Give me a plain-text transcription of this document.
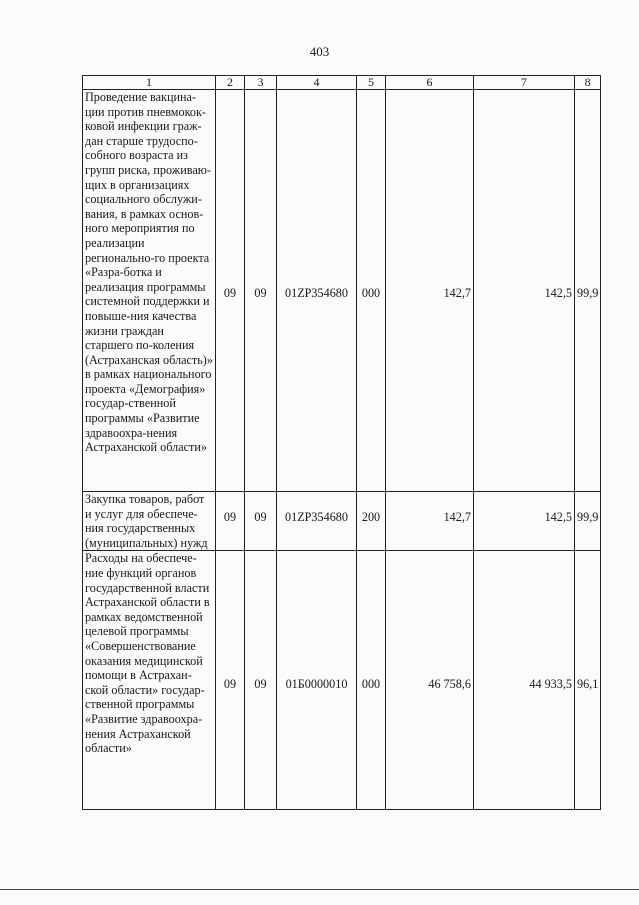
403
1	2	3	4	5	6	7	8
Проведение вакцина-ции против пневмокок-ковой инфекции граж-дан старше трудоспо-собного возраста из групп риска, проживаю-щих в организациях социального обслужи-вания, в рамках основ-ного мероприятия по реализации регионально-го проекта «Разра-ботка и реализация программы системной поддержки и повыше-ния качества жизни граждан старшего по-коления (Астраханская область)» в рамках национального проекта «Демография» государ-ственной программы «Развитие здравоохра-нения Астраханской области»	09	09	01ZP354680	000	142,7	142,5	99,9
Закупка товаров, работ и услуг для обеспече-ния государственных (муниципальных) нужд	09	09	01ZP354680	200	142,7	142,5	99,9
Расходы на обеспече-ние функций органов государственной власти Астраханской области в рамках ведомственной целевой программы «Совершенствование оказания медицинской помощи в Астрахан-ской области» государ-ственной программы «Развитие здравоохра-нения Астраханской области»	09	09	01Б0000010	000	46 758,6	44 933,5	96,1
